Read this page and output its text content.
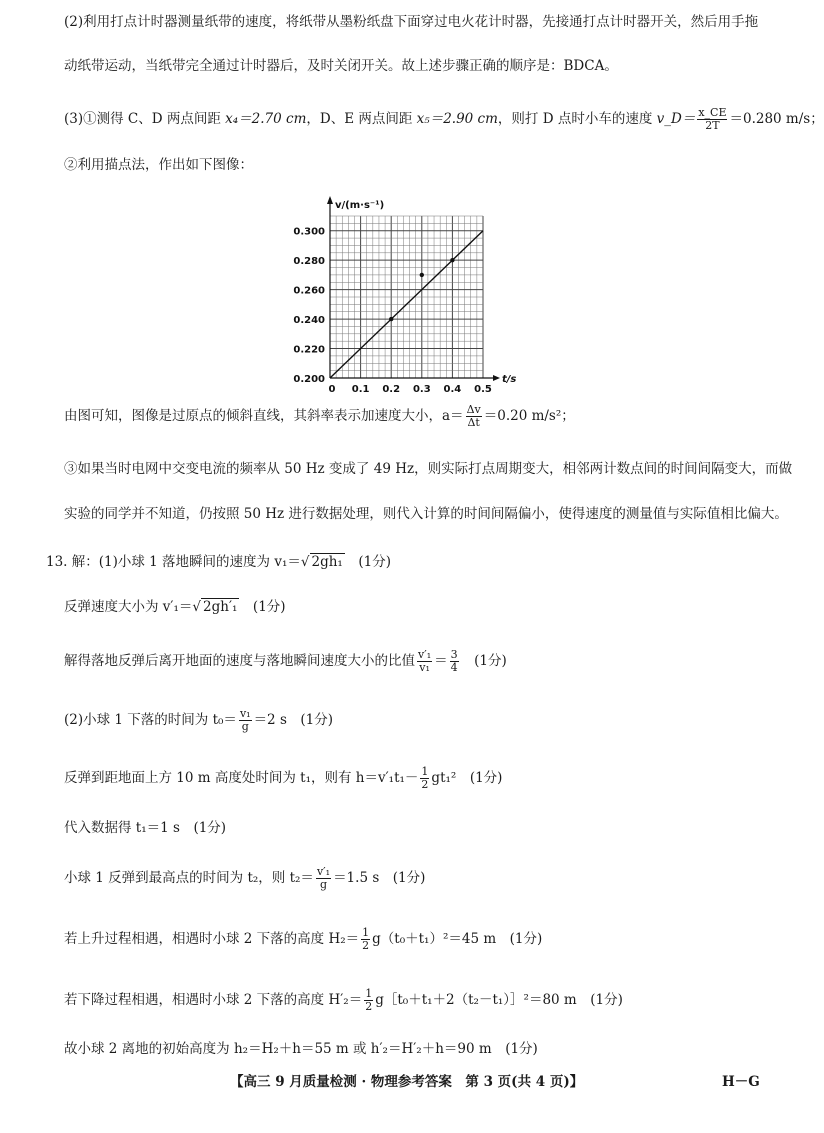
(2)利用打点计时器测量纸带的速度，将纸带从墨粉纸盘下面穿过电火花计时器，先接通打点计时器开关，然后用手拖
动纸带运动，当纸带完全通过计时器后，及时关闭开关。故上述步骤正确的顺序是：BDCA。
(3)①测得 C、D 两点间距 x₄＝2.70 cm，D、E 两点间距 x₅＝2.90 cm，则打 D 点时小车的速度 v_D＝ $\frac{x\_CE}{2T} =0.280$ m/s；
②利用描点法，作出如下图像：
0.200
0.220
0.240
0.260
0.280
0.300
0 0.1 0.2 0.3 0.4 0.5
v/(m·s⁻¹)
t/s
由图可知，图像是过原点的倾斜直线，其斜率表示加速度大小，$a= \frac{\Delta v}{\Delta t} =0.20$ m/s²；
③如果当时电网中交变电流的频率从 50 Hz 变成了 49 Hz，则实际打点周期变大，相邻两计数点间的时间间隔变大，而做
实验的同学并不知道，仍按照 50 Hz 进行数据处理，则代入计算的时间间隔偏小，使得速度的测量值与实际值相比偏大。
13. 解：(1)小球 1 落地瞬间的速度为 v₁＝√ 2gh₁　 (1分)
反弹速度大小为 v′₁＝√ 2gh′₁　 (1分)
解得落地反弹后离开地面的速度与落地瞬间速度大小的比值 $\frac{\text{v′₁}}{\text{v₁}} = \frac{3}{4}$
　 (1分)
(2)小球 1 下落的时间为 $t_0= \frac{\text{v₁}}{g} =2$ s　 (1分)
反弹到距地面上方 10 m 高度处时间为 t₁，则有 $h=v'_1t_1- \frac{1}{2} gt_1^2$　 (1分)
代入数据得 t₁＝1 s　 (1分)
小球 1 反弹到最高点的时间为 t₂，则 $t_2= \frac{\text{v′₁}}{g} =1.5$ s　 (1分)
若上升过程相遇，相遇时小球 2 下落的高度 $H_2= \frac{1}{2} g(t_0+t_1)^2=45$ m　 (1分)
若下降过程相遇，相遇时小球 2 下落的高度 $H'_2= \frac{1}{2}$ g［t₀＋t₁＋2（t₂－t₁）］²＝80 m　 (1分)
故小球 2 离地的初始高度为 h₂＝H₂＋h＝55 m 或 h′₂＝H′₂＋h＝90 m　 (1分)
【高三 9 月质量检测 · 物理参考答案　第 3 页(共 4 页)】	H－G
